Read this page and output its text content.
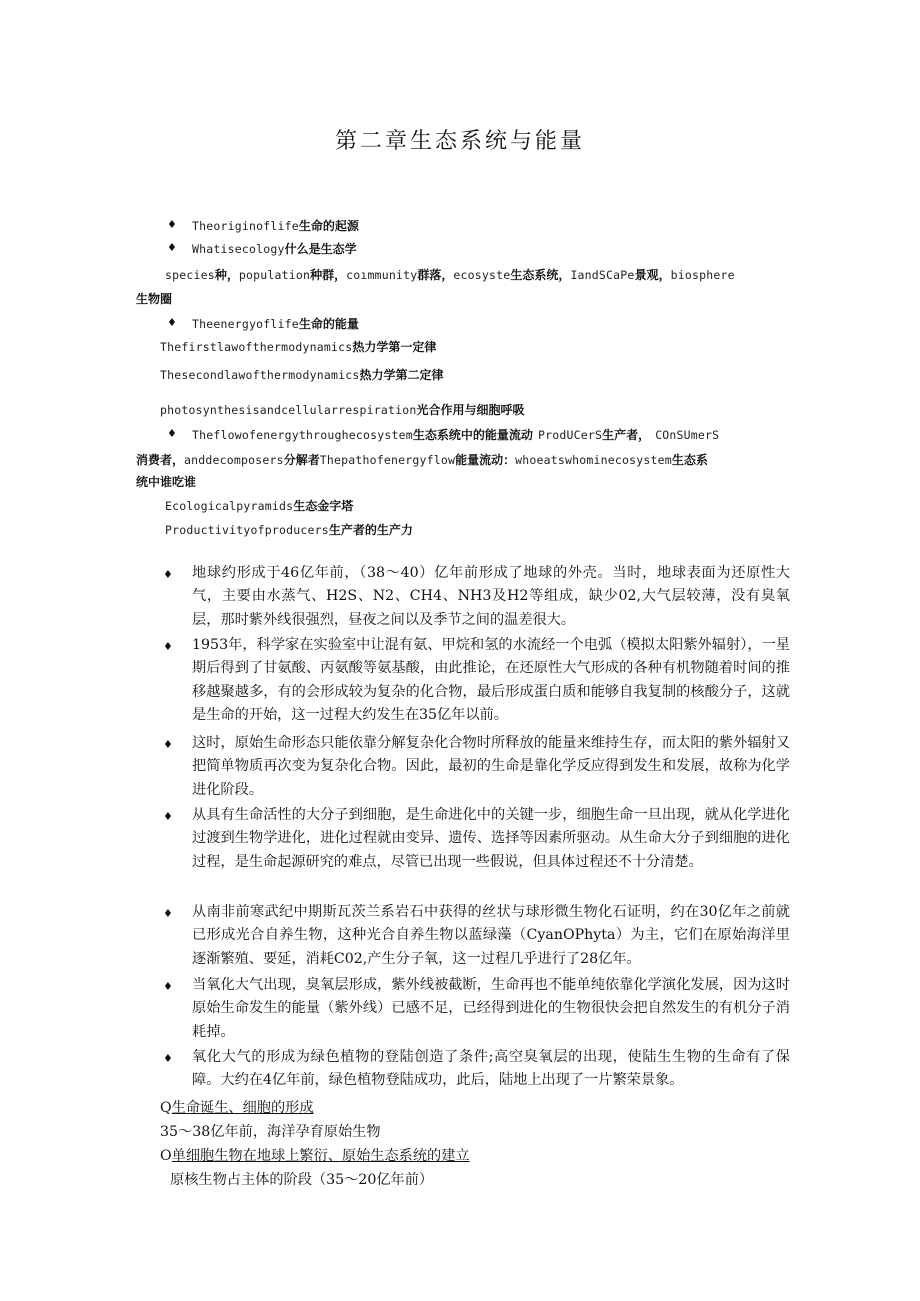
第二章生态系统与能量
♦ Theoriginoflife生命的起源
♦ Whatisecology什么是生态学
species种，population种群，coımmunity群落，ecosyste生态系统，IandSCaPe景观，biosphere
生物圈
♦ Theenergyoflife生命的能量
Thefirstlawofthermodynamics热力学第一定律
Thesecondlawofthermodynamics热力学第二定律
photosynthesisandcellularrespiration光合作用与细胞呼吸
♦ Theflowofenergythroughecosystem生态系统中的能量流动 ProdUCerS生产者， COnSUmerS
消费者，anddecomposers分解者Thepathofenergyflow能量流动：whoeatswhominecosystem生态系
统中谁吃谁
Ecologicalpyramids生态金字塔
Productivityofproducers生产者的生产力
♦ 地球约形成于46亿年前，（38～40）亿年前形成了地球的外壳。当时，地球表面为还原性大气，主要由水蒸气、H2S、N2、CH4、NH3及H2等组成，缺少02,大气层较薄，没有臭氧层，那时紫外线很强烈，昼夜之间以及季节之间的温差很大。
♦ 1953年，科学家在实验室中让混有氨、甲烷和氢的水流经一个电弧（模拟太阳紫外辐射），一星期后得到了甘氨酸、丙氨酸等氨基酸，由此推论，在还原性大气形成的各种有机物随着时间的推移越聚越多，有的会形成较为复杂的化合物，最后形成蛋白质和能够自我复制的核酸分子，这就是生命的开始，这一过程大约发生在35亿年以前。
♦ 这时，原始生命形态只能依靠分解复杂化合物时所释放的能量来维持生存，而太阳的紫外辐射又把简单物质再次变为复杂化合物。因此，最初的生命是靠化学反应得到发生和发展，故称为化学进化阶段。
♦ 从具有生命活性的大分子到细胞，是生命进化中的关键一步，细胞生命一旦出现，就从化学进化过渡到生物学进化，进化过程就由变异、遗传、选择等因素所驱动。从生命大分子到细胞的进化过程，是生命起源研究的难点，尽管已出现一些假说，但具体过程还不十分清楚。
♦ 从南非前寒武纪中期斯瓦茨兰系岩石中获得的丝状与球形微生物化石证明，约在30亿年之前就已形成光合自养生物，这种光合自养生物以蓝绿藻（CyanOPhyta）为主，它们在原始海洋里逐渐繁殖、要延，消耗C02,产生分子氧，这一过程几乎进行了28亿年。
♦ 当氧化大气出现，臭氧层形成，紫外线被截断，生命再也不能单纯依靠化学演化发展，因为这时原始生命发生的能量（紫外线）已感不足，已经得到进化的生物很快会把自然发生的有机分子消耗掉。
♦ 氧化大气的形成为绿色植物的登陆创造了条件;高空臭氧层的出现，使陆生生物的生命有了保障。大约在4亿年前，绿色植物登陆成功，此后，陆地上出现了一片繁荣景象。
Q生命诞生、细胞的形成
35～38亿年前，海洋孕育原始生物
O单细胞生物在地球上繁衍、原始生态系统的建立
原核生物占主体的阶段（35～20亿年前）
